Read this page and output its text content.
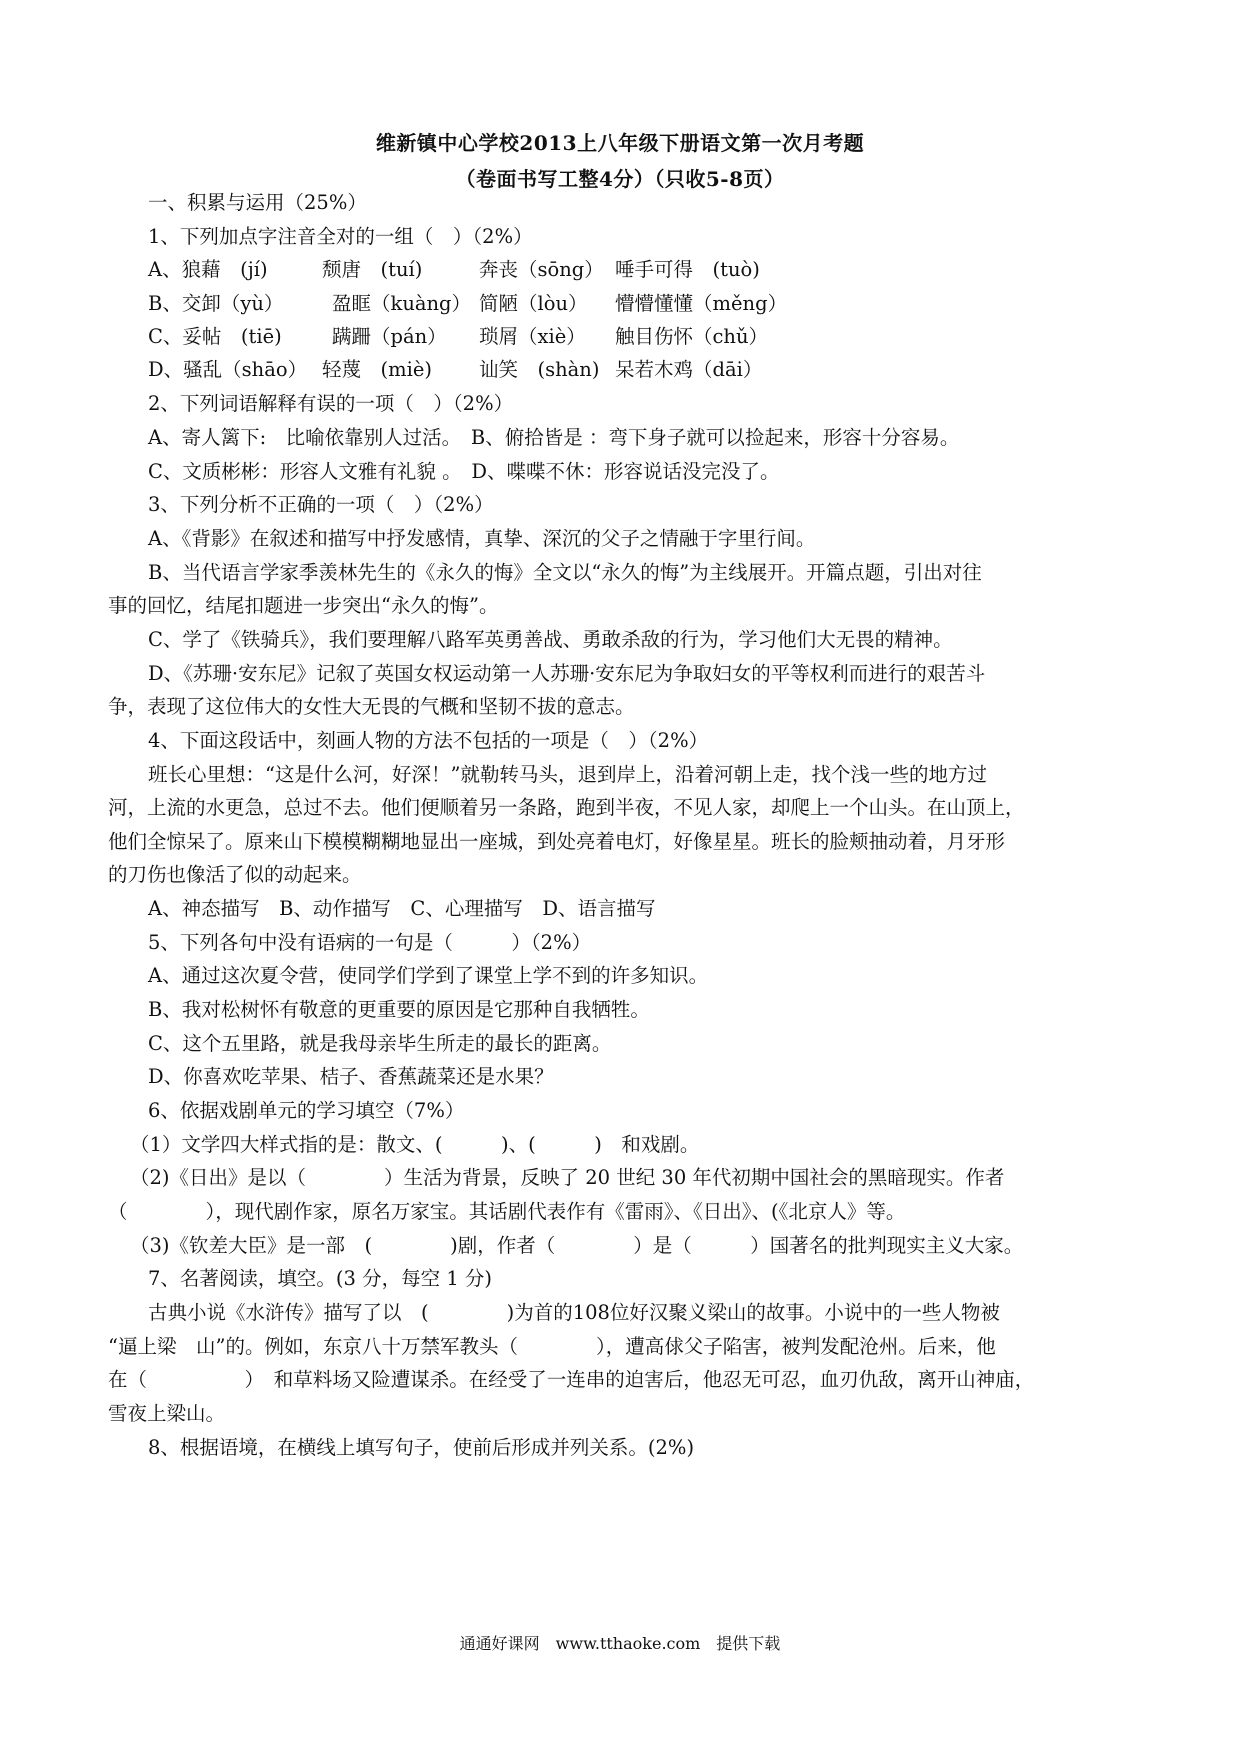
维新镇中心学校2013上八年级下册语文第一次月考题
（卷面书写工整4分）（只收5-8页）
一、积累与运用（25%）
1、下列加点字注音全对的一组（　）（2%）
A、狼藉　(jí)	颓唐　(tuí)	奔丧（sōng） 唾手可得　(tuò)
B、交卸（yù） 盈眶（kuàng） 简陋（lòu） 懵懵懂懂（měng）
C、妥帖　(tiē)	蹒跚（pán） 琐屑（xiè） 触目伤怀（chǔ）
D、骚乱（shāo） 轻蔑　(miè) 讪笑　(shàn) 呆若木鸡（dāi）
2、下列词语解释有误的一项（　）（2%）
A、寄人篱下:　比喻依靠别人过活。　B、俯拾皆是 ：弯下身子就可以捡起来，形容十分容易。
C、文质彬彬：形容人文雅有礼貌 。　D、喋喋不休：形容说话没完没了。
3、下列分析不正确的一项（　）（2%）
A、《背影》在叙述和描写中抒发感情，真挚、深沉的父子之情融于字里行间。
B、当代语言学家季羡林先生的《永久的悔》全文以“永久的悔”为主线展开。开篇点题，引出对往
事的回忆，结尾扣题进一步突出“永久的悔”。
C、学了《铁骑兵》，我们要理解八路军英勇善战、勇敢杀敌的行为，学习他们大无畏的精神。
D、《苏珊·安东尼》记叙了英国女权运动第一人苏珊·安东尼为争取妇女的平等权利而进行的艰苦斗
争，表现了这位伟大的女性大无畏的气概和坚韧不拔的意志。
4、下面这段话中，刻画人物的方法不包括的一项是（　）（2%）
班长心里想：“这是什么河，好深！”就勒转马头，退到岸上，沿着河朝上走，找个浅一些的地方过
河，上流的水更急，总过不去。他们便顺着另一条路，跑到半夜，不见人家，却爬上一个山头。在山顶上，
他们全惊呆了。原来山下模模糊糊地显出一座城，到处亮着电灯，好像星星。班长的脸颊抽动着，月牙形
的刀伤也像活了似的动起来。
A、神态描写　B、动作描写　C、心理描写　D、语言描写
5、下列各句中没有语病的一句是（　　　）（2%）
A、通过这次夏令营，使同学们学到了课堂上学不到的许多知识。
B、我对松树怀有敬意的更重要的原因是它那种自我牺牲。
C、这个五里路，就是我母亲毕生所走的最长的距离。
D、你喜欢吃苹果、桔子、香蕉蔬菜还是水果？
6、依据戏剧单元的学习填空（7%）
（1）文学四大样式指的是：散文、(　　　)、(　　　)　和戏剧。
（2)《日出》是以（　　　　）生活为背景，反映了 20 世纪 30 年代初期中国社会的黑暗现实。作者
（　　　　），现代剧作家，原名万家宝。其话剧代表作有《雷雨》、《日出》、(《北京人》等。
（3)《钦差大臣》是一部　(　　　　)剧，作者（　　　　）是（　　　）国著名的批判现实主义大家。
7、名著阅读，填空。(3 分，每空 1 分)
古典小说《水浒传》描写了以　(　　　　)为首的108位好汉聚义梁山的故事。小说中的一些人物被
“逼上梁　山”的。例如，东京八十万禁军教头（　　　　），遭高俅父子陷害，被判发配沧州。后来，他
在（　　　　　）　和草料场又险遭谋杀。在经受了一连串的迫害后，他忍无可忍，血刃仇敌，离开山神庙，
雪夜上梁山。
8、根据语境，在横线上填写句子，使前后形成并列关系。(2%)
通通好课网　www.tthaoke.com　提供下载
